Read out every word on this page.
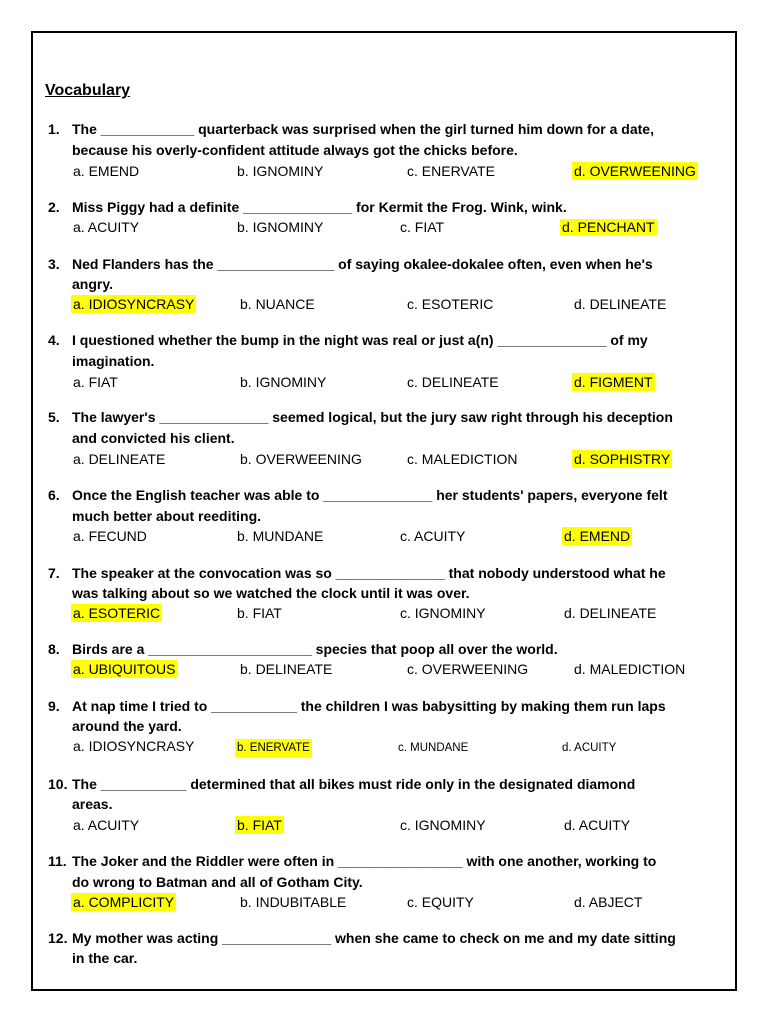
Vocabulary
1. The ____________ quarterback was surprised when the girl turned him down for a date,
because his overly-confident attitude always got the chicks before.
a. EMEND	b. IGNOMINY	c. ENERVATE	d. OVERWEENING
2. Miss Piggy had a definite ______________ for Kermit the Frog. Wink, wink.
a. ACUITY	b. IGNOMINY	c. FIAT	d. PENCHANT
3. Ned Flanders has the _______________ of saying okalee-dokalee often, even when he's
angry.
a. IDIOSYNCRASY	b. NUANCE	c. ESOTERIC	d. DELINEATE
4. I questioned whether the bump in the night was real or just a(n) ______________ of my
imagination.
a. FIAT	b. IGNOMINY	c. DELINEATE	d. FIGMENT
5. The lawyer's ______________ seemed logical, but the jury saw right through his deception
and convicted his client.
a. DELINEATE	b. OVERWEENING	c. MALEDICTION	d. SOPHISTRY
6. Once the English teacher was able to ______________ her students' papers, everyone felt
much better about reediting.
a. FECUND	b. MUNDANE	c. ACUITY	d. EMEND
7. The speaker at the convocation was so ______________ that nobody understood what he
was talking about so we watched the clock until it was over.
a. ESOTERIC	b. FIAT	c. IGNOMINY	d. DELINEATE
8. Birds are a _____________________ species that poop all over the world.
a. UBIQUITOUS	b. DELINEATE	c. OVERWEENING	d. MALEDICTION
9. At nap time I tried to ___________ the children I was babysitting by making them run laps
around the yard.
a. IDIOSYNCRASY	b. ENERVATE	c. MUNDANE	d. ACUITY
10. The ___________ determined that all bikes must ride only in the designated diamond
areas.
a. ACUITY	b. FIAT	c. IGNOMINY	d. ACUITY
11. The Joker and the Riddler were often in ________________ with one another, working to
do wrong to Batman and all of Gotham City.
a. COMPLICITY	b. INDUBITABLE	c. EQUITY	d. ABJECT
12. My mother was acting ______________ when she came to check on me and my date sitting
in the car.
